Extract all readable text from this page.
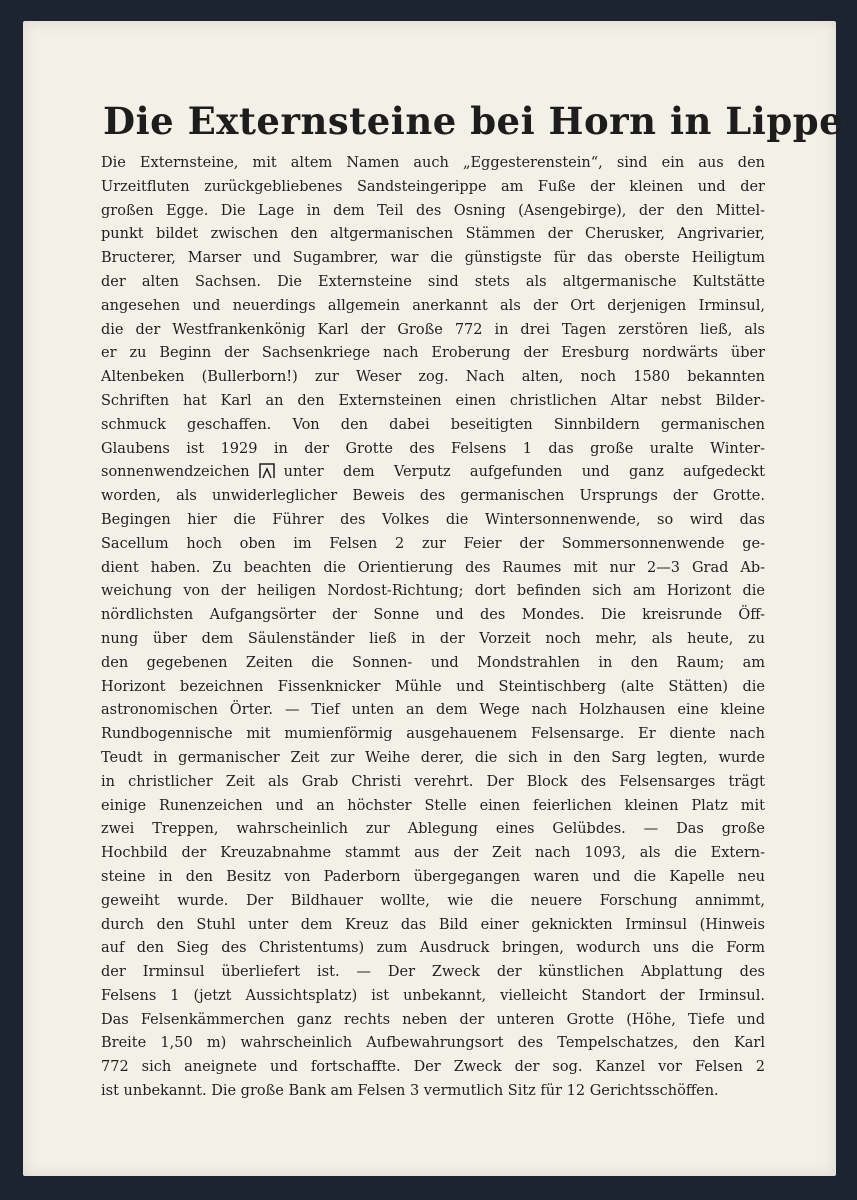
Die Externsteine bei Horn in Lippe
Die Externsteine, mit altem Namen auch „Eggesterenstein“, sind ein aus den
Urzeitfluten zurückgebliebenes Sandsteingerippe am Fuße der kleinen und der
großen Egge. Die Lage in dem Teil des Osning (Asengebirge), der den Mittel-
punkt bildet zwischen den altgermanischen Stämmen der Cherusker, Angrivarier,
Bructerer, Marser und Sugambrer, war die günstigste für das oberste Heiligtum
der alten Sachsen. Die Externsteine sind stets als altgermanische Kultstätte
angesehen und neuerdings allgemein anerkannt als der Ort derjenigen Irminsul,
die der Westfrankenkönig Karl der Große 772 in drei Tagen zerstören ließ, als
er zu Beginn der Sachsenkriege nach Eroberung der Eresburg nordwärts über
Altenbeken (Bullerborn!) zur Weser zog. Nach alten, noch 1580 bekannten
Schriften hat Karl an den Externsteinen einen christlichen Altar nebst Bilder-
schmuck geschaffen. Von den dabei beseitigten Sinnbildern germanischen
Glaubens ist 1929 in der Grotte des Felsens 1 das große uralte Winter-
sonnenwendzeichen unter dem Verputz aufgefunden und ganz aufgedeckt
worden, als unwiderleglicher Beweis des germanischen Ursprungs der Grotte.
Begingen hier die Führer des Volkes die Wintersonnenwende, so wird das
Sacellum hoch oben im Felsen 2 zur Feier der Sommersonnenwende ge-
dient haben. Zu beachten die Orientierung des Raumes mit nur 2—3 Grad Ab-
weichung von der heiligen Nordost-Richtung; dort befinden sich am Horizont die
nördlichsten Aufgangsörter der Sonne und des Mondes. Die kreisrunde Öff-
nung über dem Säulenständer ließ in der Vorzeit noch mehr, als heute, zu
den gegebenen Zeiten die Sonnen- und Mondstrahlen in den Raum; am
Horizont bezeichnen Fissenknicker Mühle und Steintischberg (alte Stätten) die
astronomischen Örter. — Tief unten an dem Wege nach Holzhausen eine kleine
Rundbogennische mit mumienförmig ausgehauenem Felsensarge. Er diente nach
Teudt in germanischer Zeit zur Weihe derer, die sich in den Sarg legten, wurde
in christlicher Zeit als Grab Christi verehrt. Der Block des Felsensarges trägt
einige Runenzeichen und an höchster Stelle einen feierlichen kleinen Platz mit
zwei Treppen, wahrscheinlich zur Ablegung eines Gelübdes. — Das große
Hochbild der Kreuzabnahme stammt aus der Zeit nach 1093, als die Extern-
steine in den Besitz von Paderborn übergegangen waren und die Kapelle neu
geweiht wurde. Der Bildhauer wollte, wie die neuere Forschung annimmt,
durch den Stuhl unter dem Kreuz das Bild einer geknickten Irminsul (Hinweis
auf den Sieg des Christentums) zum Ausdruck bringen, wodurch uns die Form
der Irminsul überliefert ist. — Der Zweck der künstlichen Abplattung des
Felsens 1 (jetzt Aussichtsplatz) ist unbekannt, vielleicht Standort der Irminsul.
Das Felsenkämmerchen ganz rechts neben der unteren Grotte (Höhe, Tiefe und
Breite 1,50 m) wahrscheinlich Aufbewahrungsort des Tempelschatzes, den Karl
772 sich aneignete und fortschaffte. Der Zweck der sog. Kanzel vor Felsen 2
ist unbekannt. Die große Bank am Felsen 3 vermutlich Sitz für 12 Gerichtsschöffen.
